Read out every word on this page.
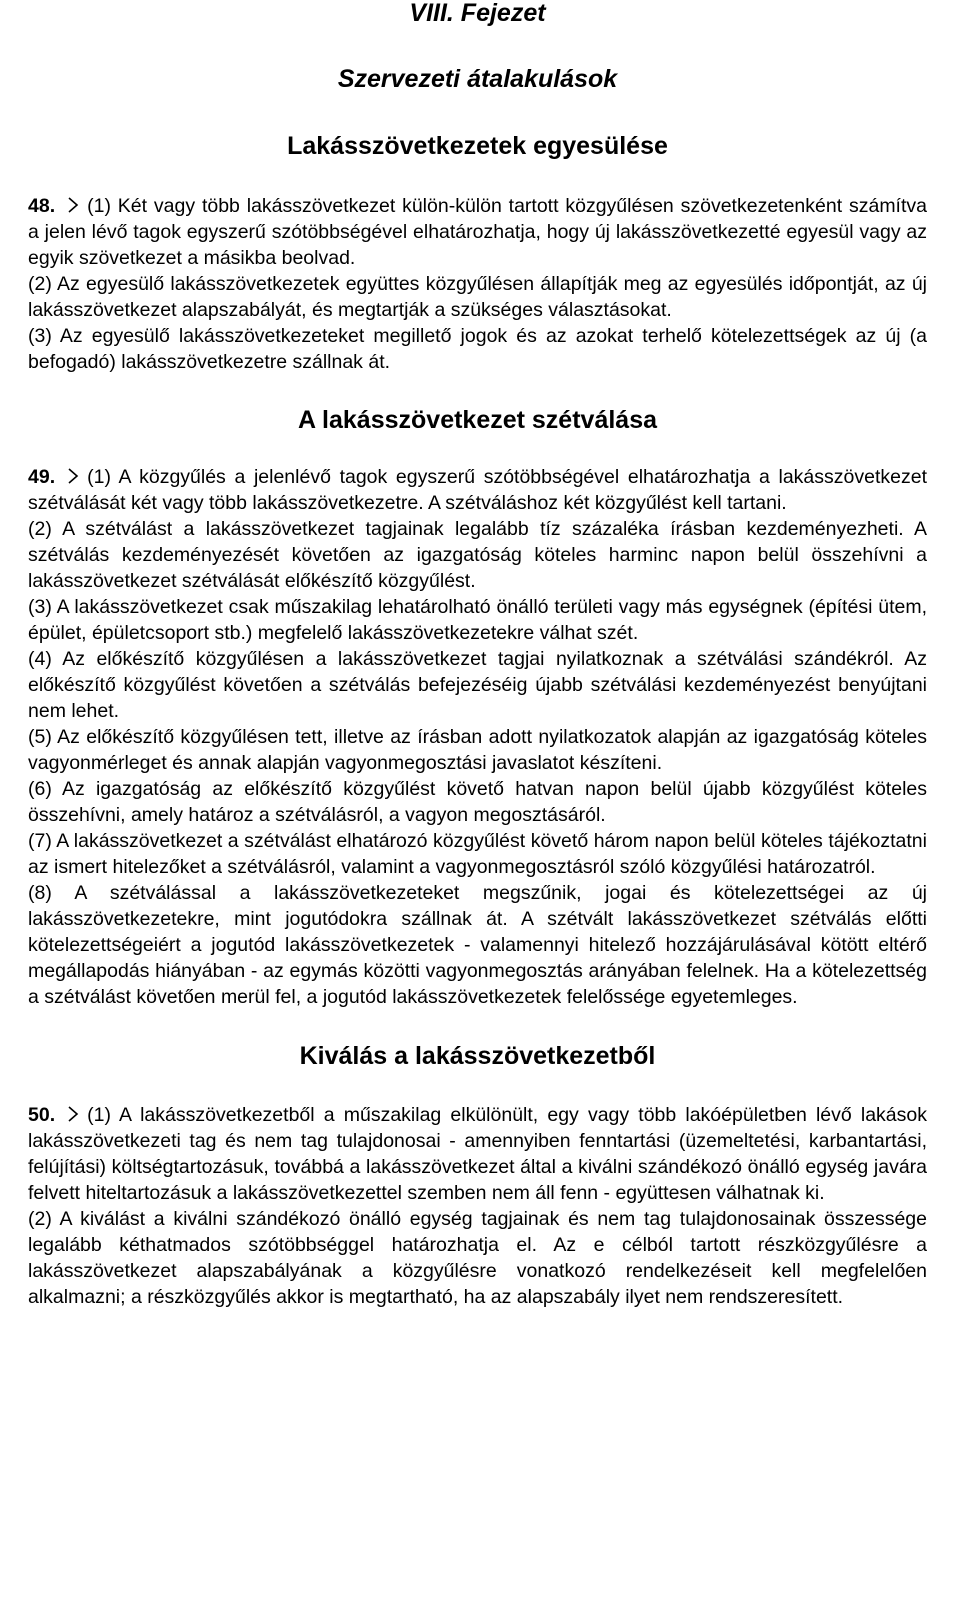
VIII. Fejezet
Szervezeti átalakulások
Lakásszövetkezetek egyesülése

48. (1) Két vagy több lakásszövetkezet külön-külön tartott közgyűlésen szövetkezetenként számítva a jelen lévő tagok egyszerű szótöbbségével elhatározhatja, hogy új lakásszövetkezetté egyesül vagy az egyik szövetkezet a másikba beolvad.

(2) Az egyesülő lakásszövetkezetek együttes közgyűlésen állapítják meg az egyesülés időpontját, az új lakásszövetkezet alapszabályát, és megtartják a szükséges választásokat.

(3) Az egyesülő lakásszövetkezeteket megillető jogok és az azokat terhelő kötelezettségek az új (a befogadó) lakásszövetkezetre szállnak át.

A lakásszövetkezet szétválása

49. (1) A közgyűlés a jelenlévő tagok egyszerű szótöbbségével elhatározhatja a lakásszövetkezet szétválását két vagy több lakásszövetkezetre. A szétváláshoz két közgyűlést kell tartani.

(2) A szétválást a lakásszövetkezet tagjainak legalább tíz százaléka írásban kezdeményezheti. A szétválás kezdeményezését követően az igazgatóság köteles harminc napon belül összehívni a lakásszövetkezet szétválását előkészítő közgyűlést.

(3) A lakásszövetkezet csak műszakilag lehatárolható önálló területi vagy más egységnek (építési ütem, épület, épületcsoport stb.) megfelelő lakásszövetkezetekre válhat szét.

(4) Az előkészítő közgyűlésen a lakásszövetkezet tagjai nyilatkoznak a szétválási szándékról. Az előkészítő közgyűlést követően a szétválás befejezéséig újabb szétválási kezdeményezést benyújtani nem lehet.

(5) Az előkészítő közgyűlésen tett, illetve az írásban adott nyilatkozatok alapján az igazgatóság köteles vagyonmérleget és annak alapján vagyonmegosztási javaslatot készíteni.

(6) Az igazgatóság az előkészítő közgyűlést követő hatvan napon belül újabb közgyűlést köteles összehívni, amely határoz a szétválásról, a vagyon megosztásáról.

(7) A lakásszövetkezet a szétválást elhatározó közgyűlést követő három napon belül köteles tájékoztatni az ismert hitelezőket a szétválásról, valamint a vagyonmegosztásról szóló közgyűlési határozatról.

(8) A szétválással a lakásszövetkezeteket megszűnik, jogai és kötelezettségei az új lakásszövetkezetekre, mint jogutódokra szállnak át. A szétvált lakásszövetkezet szétválás előtti kötelezettségeiért a jogutód lakásszövetkezetek - valamennyi hitelező hozzájárulásával kötött eltérő megállapodás hiányában - az egymás közötti vagyonmegosztás arányában felelnek. Ha a kötelezettség a szétválást követően merül fel, a jogutód lakásszövetkezetek felelőssége egyetemleges.

Kiválás a lakásszövetkezetből

50. (1) A lakásszövetkezetből a műszakilag elkülönült, egy vagy több lakóépületben lévő lakások lakásszövetkezeti tag és nem tag tulajdonosai - amennyiben fenntartási (üzemeltetési, karbantartási, felújítási) költségtartozásuk, továbbá a lakásszövetkezet által a kiválni szándékozó önálló egység javára felvett hiteltartozásuk a lakásszövetkezettel szemben nem áll fenn - együttesen válhatnak ki.

(2) A kiválást a kiválni szándékozó önálló egység tagjainak és nem tag tulajdonosainak összessége legalább kéthatmados szótöbbséggel határozhatja el. Az e célból tartott részközgyűlésre a lakásszövetkezet alapszabályának a közgyűlésre vonatkozó rendelkezéseit kell megfelelően alkalmazni; a részközgyűlés akkor is megtartható, ha az alapszabály ilyet nem rendszeresített.
